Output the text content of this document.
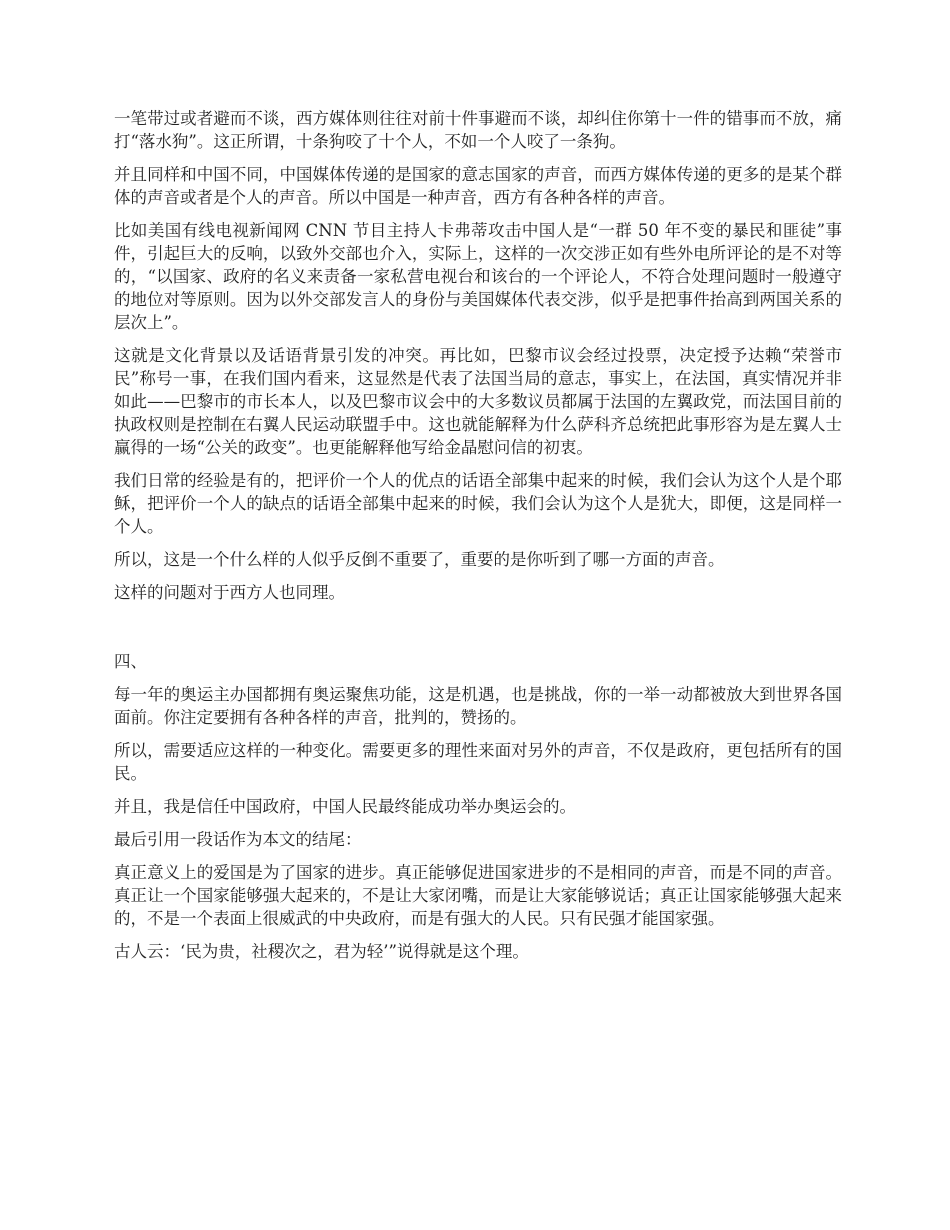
一笔带过或者避而不谈，西方媒体则往往对前十件事避而不谈，却纠住你第十一件的错事而不放，痛打“落水狗”。这正所谓，十条狗咬了十个人，不如一个人咬了一条狗。

并且同样和中国不同，中国媒体传递的是国家的意志国家的声音，而西方媒体传递的更多的是某个群体的声音或者是个人的声音。所以中国是一种声音，西方有各种各样的声音。

比如美国有线电视新闻网 CNN 节目主持人卡弗蒂攻击中国人是“一群 50 年不变的暴民和匪徒”事件，引起巨大的反响，以致外交部也介入，实际上，这样的一次交涉正如有些外电所评论的是不对等的，“以国家、政府的名义来责备一家私营电视台和该台的一个评论人，不符合处理问题时一般遵守的地位对等原则。因为以外交部发言人的身份与美国媒体代表交涉，似乎是把事件抬高到两国关系的层次上”。

这就是文化背景以及话语背景引发的冲突。再比如，巴黎市议会经过投票，决定授予达赖“荣誉市民”称号一事，在我们国内看来，这显然是代表了法国当局的意志，事实上，在法国，真实情况并非如此——巴黎市的市长本人，以及巴黎市议会中的大多数议员都属于法国的左翼政党，而法国目前的执政权则是控制在右翼人民运动联盟手中。这也就能解释为什么萨科齐总统把此事形容为是左翼人士赢得的一场“公关的政变”。也更能解释他写给金晶慰问信的初衷。

我们日常的经验是有的，把评价一个人的优点的话语全部集中起来的时候，我们会认为这个人是个耶稣，把评价一个人的缺点的话语全部集中起来的时候，我们会认为这个人是犹大，即便，这是同样一个人。

所以，这是一个什么样的人似乎反倒不重要了，重要的是你听到了哪一方面的声音。

这样的问题对于西方人也同理。

四、

每一年的奥运主办国都拥有奥运聚焦功能，这是机遇，也是挑战，你的一举一动都被放大到世界各国面前。你注定要拥有各种各样的声音，批判的，赞扬的。

所以，需要适应这样的一种变化。需要更多的理性来面对另外的声音，不仅是政府，更包括所有的国民。

并且，我是信任中国政府，中国人民最终能成功举办奥运会的。

最后引用一段话作为本文的结尾：

真正意义上的爱国是为了国家的进步。真正能够促进国家进步的不是相同的声音，而是不同的声音。真正让一个国家能够强大起来的，不是让大家闭嘴，而是让大家能够说话；真正让国家能够强大起来的，不是一个表面上很威武的中央政府，而是有强大的人民。只有民强才能国家强。

古人云：‘民为贵，社稷次之，君为轻’”说得就是这个理。
